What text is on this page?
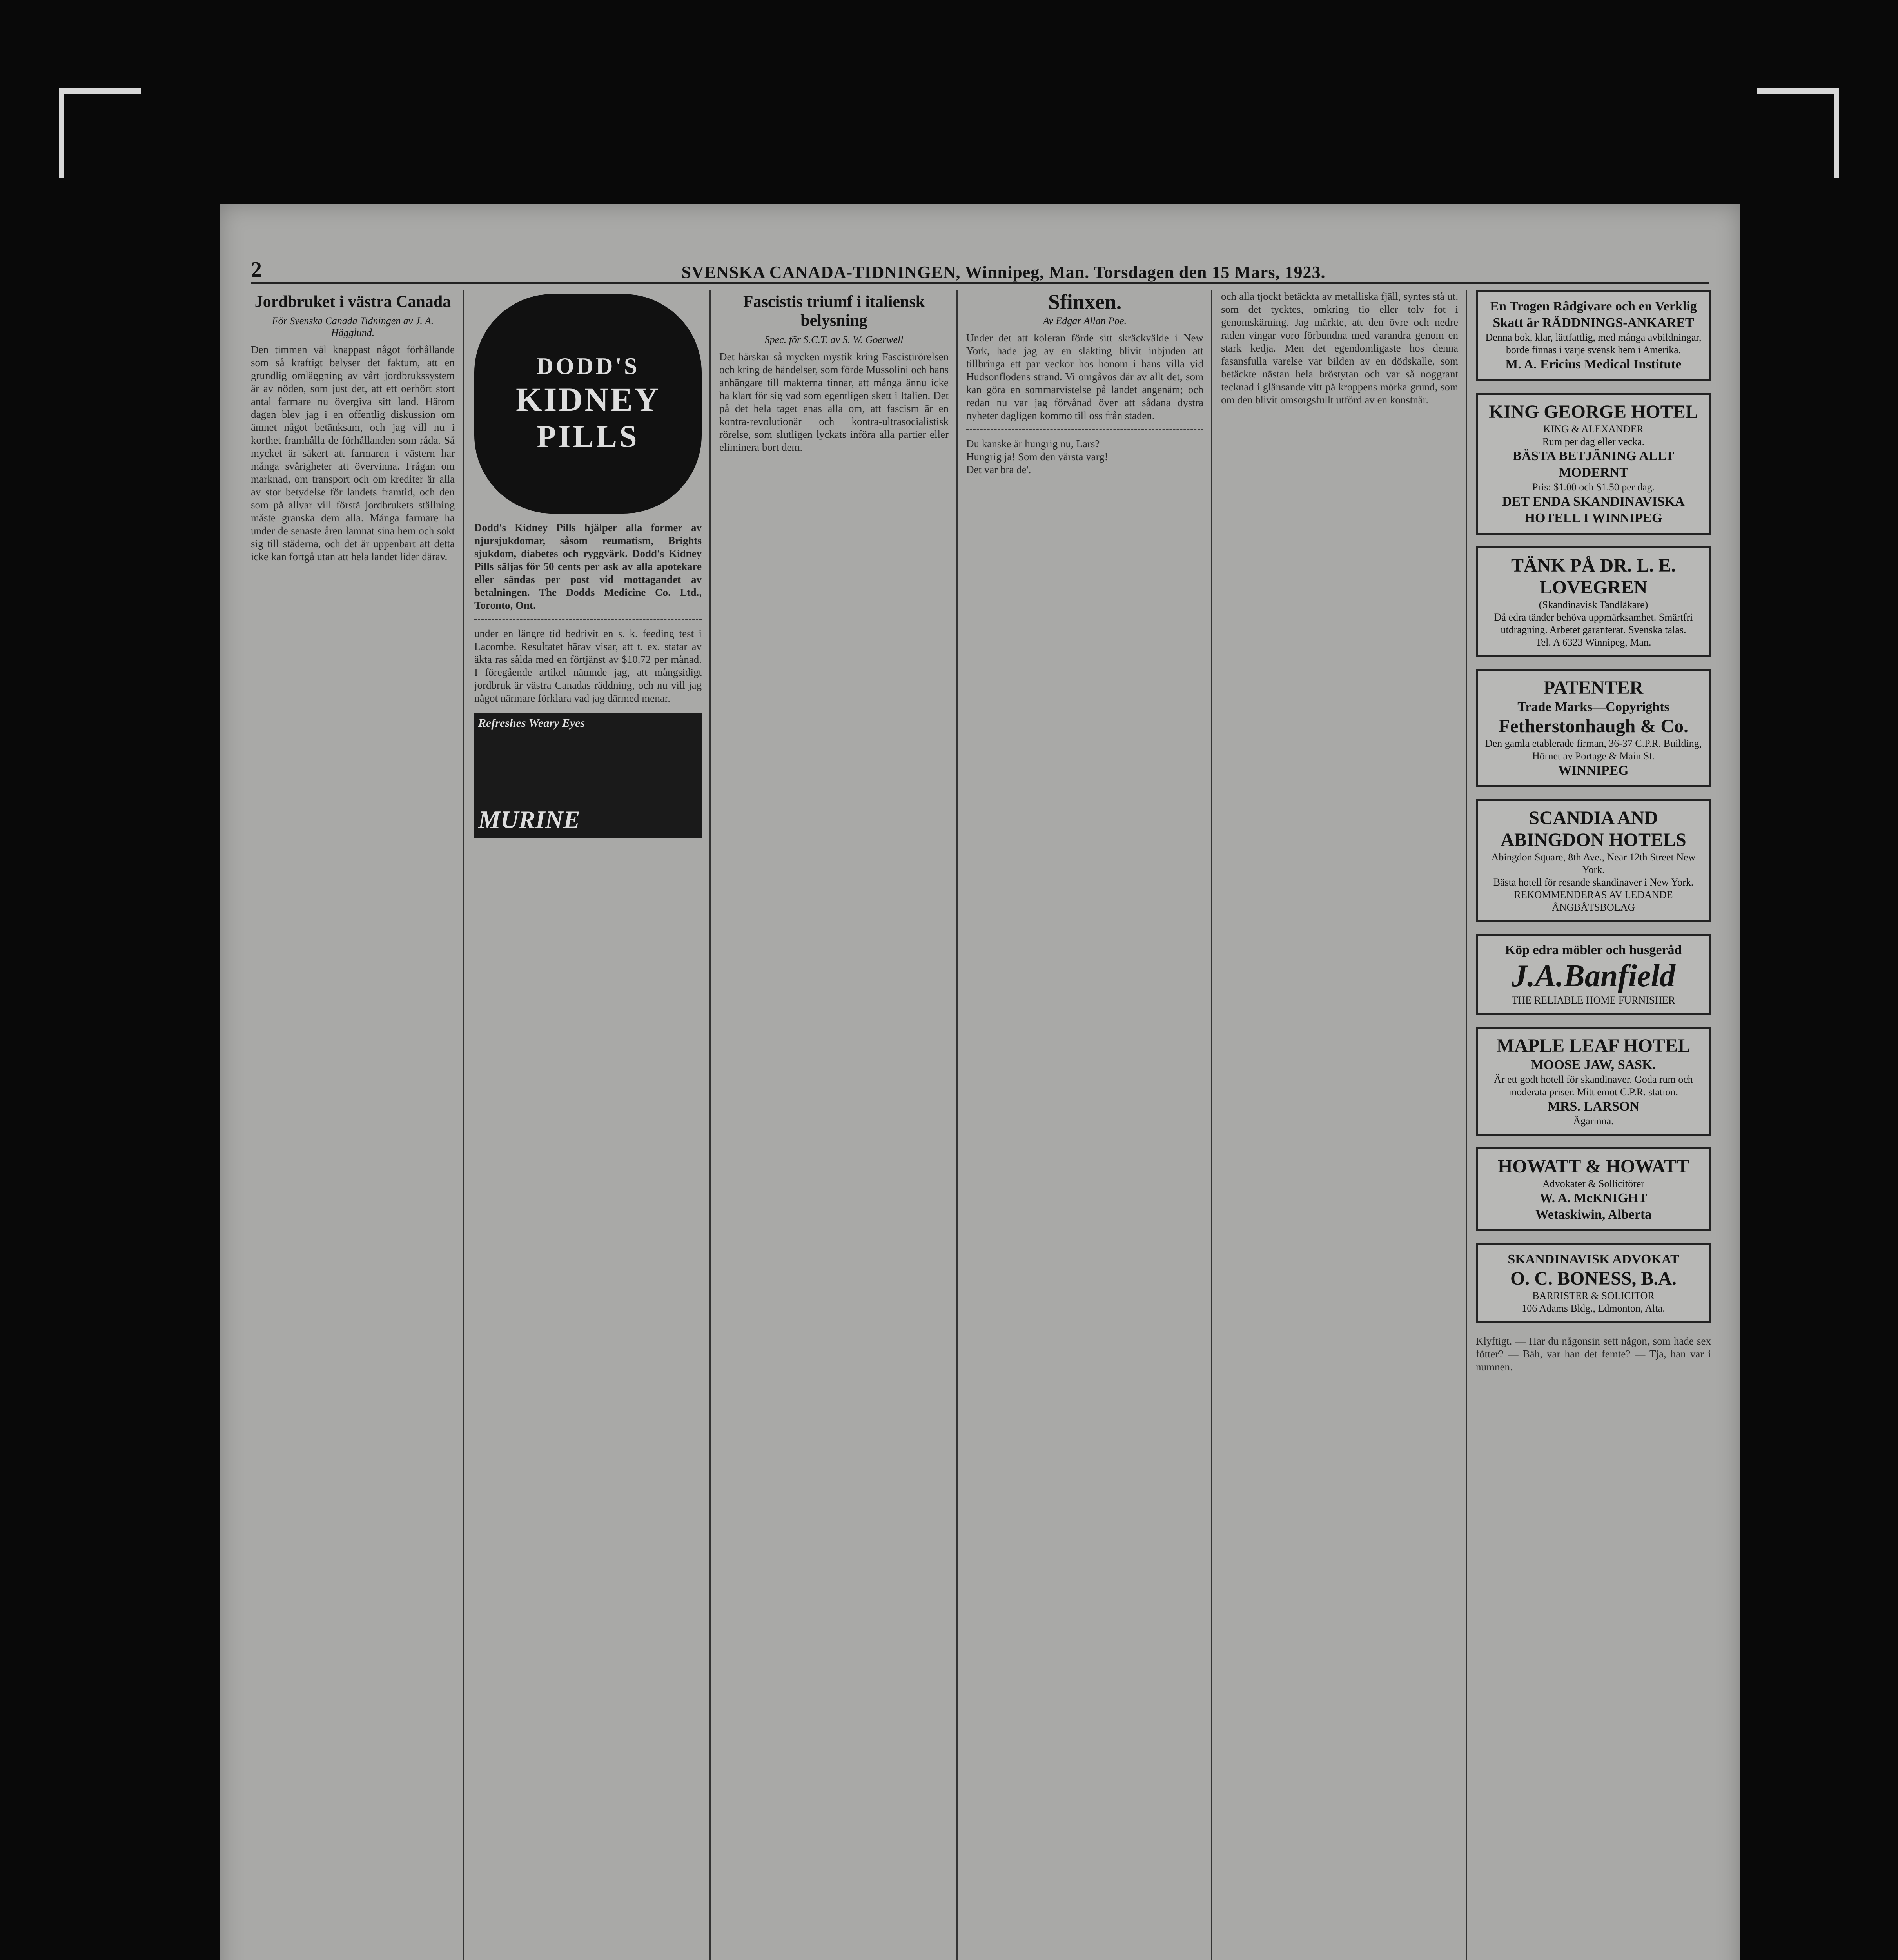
2	SVENSKA CANADA-TIDNINGEN, Winnipeg, Man. Torsdagen den 15 Mars, 1923.
Jordbruket i västra Canada
För Svenska Canada Tidningen av J. A. Hägglund.
Den timmen väl knappast något förhållande som så kraftigt belyser det faktum, att en grundlig omläggning av vårt jordbrukssystem är av nöden, som just det, att ett oerhört stort antal farmare nu övergiva sitt land. Härom dagen blev jag i en offentlig diskussion om ämnet något betänksam, och jag vill nu i korthet framhålla de förhållanden som råda. Så mycket är säkert att farmaren i västern har många svårigheter att övervinna. Frågan om marknad, om transport och om krediter är alla av stor betydelse för landets framtid, och den som på allvar vill förstå jordbrukets ställning måste granska dem alla. Många farmare ha under de senaste åren lämnat sina hem och sökt sig till städerna, och det är uppenbart att detta icke kan fortgå utan att hela landet lider därav.
DODD'S
KIDNEY
PILLS
Dodd's Kidney Pills hjälper alla former av njursjukdomar, såsom reumatism, Brights sjukdom, diabetes och ryggvärk. Dodd's Kidney Pills säljas för 50 cents per ask av alla apotekare eller sändas per post vid mottagandet av betalningen. The Dodds Medicine Co. Ltd., Toronto, Ont.
under en längre tid bedrivit en s. k. feeding test i Lacombe. Resultatet härav visar, att t. ex. statar av äkta ras sålda med en förtjänst av $10.72 per månad. I föregående artikel nämnde jag, att mångsidigt jordbruk är västra Canadas räddning, och nu vill jag något närmare förklara vad jag därmed menar.
Refreshes Weary Eyes
MURINE
Fascistis triumf i italiensk belysning
Spec. för S.C.T. av S. W. Goerwell
Det härskar så mycken mystik kring Fascistirörelsen och kring de händelser, som förde Mussolini och hans anhängare till makterna tinnar, att många ännu icke ha klart för sig vad som egentligen skett i Italien. Det på det hela taget enas alla om, att fascism är en kontra-revolutionär och kontra-ultrasocialistisk rörelse, som slutligen lyckats införa alla partier eller eliminera bort dem.
Sfinxen.
Av Edgar Allan Poe.
Under det att koleran förde sitt skräckvälde i New York, hade jag av en släkting blivit inbjuden att tillbringa ett par veckor hos honom i hans villa vid Hudsonflodens strand. Vi omgåvos där av allt det, som kan göra en sommarvistelse på landet angenäm; och redan nu var jag förvånad över att sådana dystra nyheter dagligen kommo till oss från staden.
Du kanske är hungrig nu, Lars?
Hungrig ja! Som den värsta varg!
Det var bra de'.
och alla tjockt betäckta av metalliska fjäll, syntes stå ut, som det tycktes, omkring tio eller tolv fot i genomskärning. Jag märkte, att den övre och nedre raden vingar voro förbundna med varandra genom en stark kedja. Men det egendomligaste hos denna fasansfulla varelse var bilden av en dödskalle, som betäckte nästan hela bröstytan och var så noggrant tecknad i glänsande vitt på kroppens mörka grund, som om den blivit omsorgsfullt utförd av en konstnär.
En Trogen Rådgivare och en Verklig Skatt är RÄDDNINGS-ANKARET
Denna bok, klar, lättfattlig, med många avbildningar, borde finnas i varje svensk hem i Amerika.
M. A. Ericius Medical Institute
KING GEORGE HOTEL
KING & ALEXANDER
Rum per dag eller vecka.
BÄSTA BETJÄNING ALLT MODERNT
Pris: $1.00 och $1.50 per dag.
DET ENDA SKANDINAVISKA HOTELL I WINNIPEG
TÄNK PÅ DR. L. E. LOVEGREN
(Skandinavisk Tandläkare)
Då edra tänder behöva uppmärksamhet. Smärtfri utdragning. Arbetet garanterat. Svenska talas.
Tel. A 6323 Winnipeg, Man.
PATENTER
Trade Marks—Copyrights
Fetherstonhaugh & Co.
Den gamla etablerade firman, 36-37 C.P.R. Building, Hörnet av Portage & Main St.
WINNIPEG
SCANDIA AND ABINGDON HOTELS
Abingdon Square, 8th Ave., Near 12th Street New York.
Bästa hotell för resande skandinaver i New York. REKOMMENDERAS AV LEDANDE ÅNGBÅTSBOLAG
Köp edra möbler och husgeråd
J.A.Banfield
THE RELIABLE HOME FURNISHER
MAPLE LEAF HOTEL
MOOSE JAW, SASK.
Är ett godt hotell för skandinaver. Goda rum och moderata priser. Mitt emot C.P.R. station.
MRS. LARSON
Ägarinna.
HOWATT & HOWATT
Advokater & Sollicitörer
W. A. McKNIGHT
Wetaskiwin, Alberta
SKANDINAVISK ADVOKAT
O. C. BONESS, B.A.
BARRISTER & SOLICITOR
106 Adams Bldg., Edmonton, Alta.
Klyftigt. — Har du någonsin sett någon, som hade sex fötter? — Bäh, var han det femte? — Tja, han var i numnen.
